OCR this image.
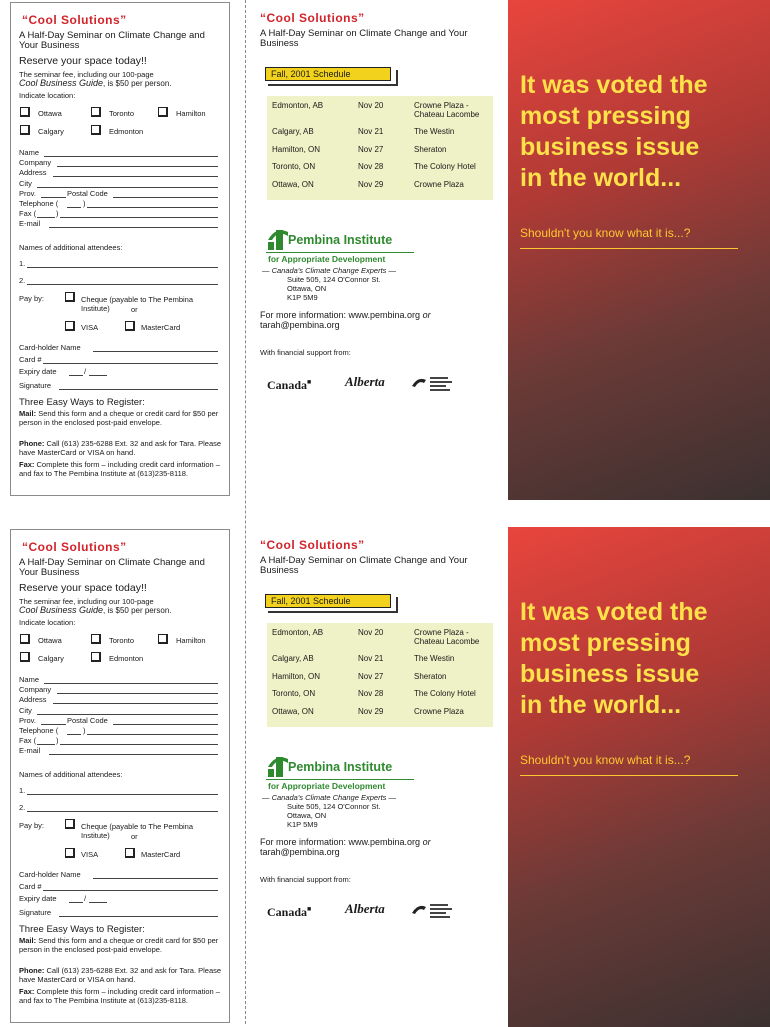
“Cool Solutions”
A Half-Day Seminar on Climate Change and Your Business
Reserve your space today!!
The seminar fee, including our 100-page
Cool Business Guide, is $50 per person.
Indicate location:
Ottawa	Toronto	Hamilton
Calgary	Edmonton
Name
Company
Address
City
Prov.	Postal Code
Telephone (	)
Fax (	)
E-mail
Names of additional attendees:
1.
2.
Pay by:	Cheque (payable to The Pembina Institute)	or
VISA	MasterCard
Card-holder Name
Card #
Expiry date	/
Signature
Three Easy Ways to Register:
Mail: Send this form and a cheque or credit card for $50 per person in the enclosed post-paid envelope.
Phone: Call (613) 235-6288 Ext. 32 and ask for Tara. Please have MasterCard or VISA on hand.
Fax: Complete this form – including credit card information – and fax to The Pembina Institute at (613)235-8118.
“Cool Solutions”
A Half-Day Seminar on Climate Change and Your Business
Fall, 2001 Schedule
Edmonton, AB	Nov 20	Crowne Plaza - Chateau Lacombe
Calgary, AB	Nov 21	The Westin
Hamilton, ON	Nov 27	Sheraton
Toronto, ON	Nov 28	The Colony Hotel
Ottawa, ON	Nov 29	Crowne Plaza
Pembina Institute
for Appropriate Development
— Canada's Climate Change Experts —
Suite 505, 124 O'Connor St.
Ottawa, ON
K1P 5M9
For more information: www.pembina.org or
tarah@pembina.org
With financial support from:
Canada■	Alberta
It was voted the
most pressing
business issue
in the world...
Shouldn't you know what it is...?
“Cool Solutions”
A Half-Day Seminar on Climate Change and Your Business
Reserve your space today!!
The seminar fee, including our 100-page
Cool Business Guide, is $50 per person.
Indicate location:
Ottawa	Toronto	Hamilton
Calgary	Edmonton
Name
Company
Address
City
Prov.	Postal Code
Telephone (	)
Fax (	)
E-mail
Names of additional attendees:
1.
2.
Pay by:	Cheque (payable to The Pembina Institute)	or
VISA	MasterCard
Card-holder Name
Card #
Expiry date	/
Signature
Three Easy Ways to Register:
Mail: Send this form and a cheque or credit card for $50 per person in the enclosed post-paid envelope.
Phone: Call (613) 235-6288 Ext. 32 and ask for Tara. Please have MasterCard or VISA on hand.
Fax: Complete this form – including credit card information – and fax to The Pembina Institute at (613)235-8118.
“Cool Solutions”
A Half-Day Seminar on Climate Change and Your Business
Fall, 2001 Schedule
Edmonton, AB	Nov 20	Crowne Plaza - Chateau Lacombe
Calgary, AB	Nov 21	The Westin
Hamilton, ON	Nov 27	Sheraton
Toronto, ON	Nov 28	The Colony Hotel
Ottawa, ON	Nov 29	Crowne Plaza
Pembina Institute
for Appropriate Development
— Canada's Climate Change Experts —
Suite 505, 124 O'Connor St.
Ottawa, ON
K1P 5M9
For more information: www.pembina.org or
tarah@pembina.org
With financial support from:
Canada■	Alberta
It was voted the
most pressing
business issue
in the world...
Shouldn't you know what it is...?
